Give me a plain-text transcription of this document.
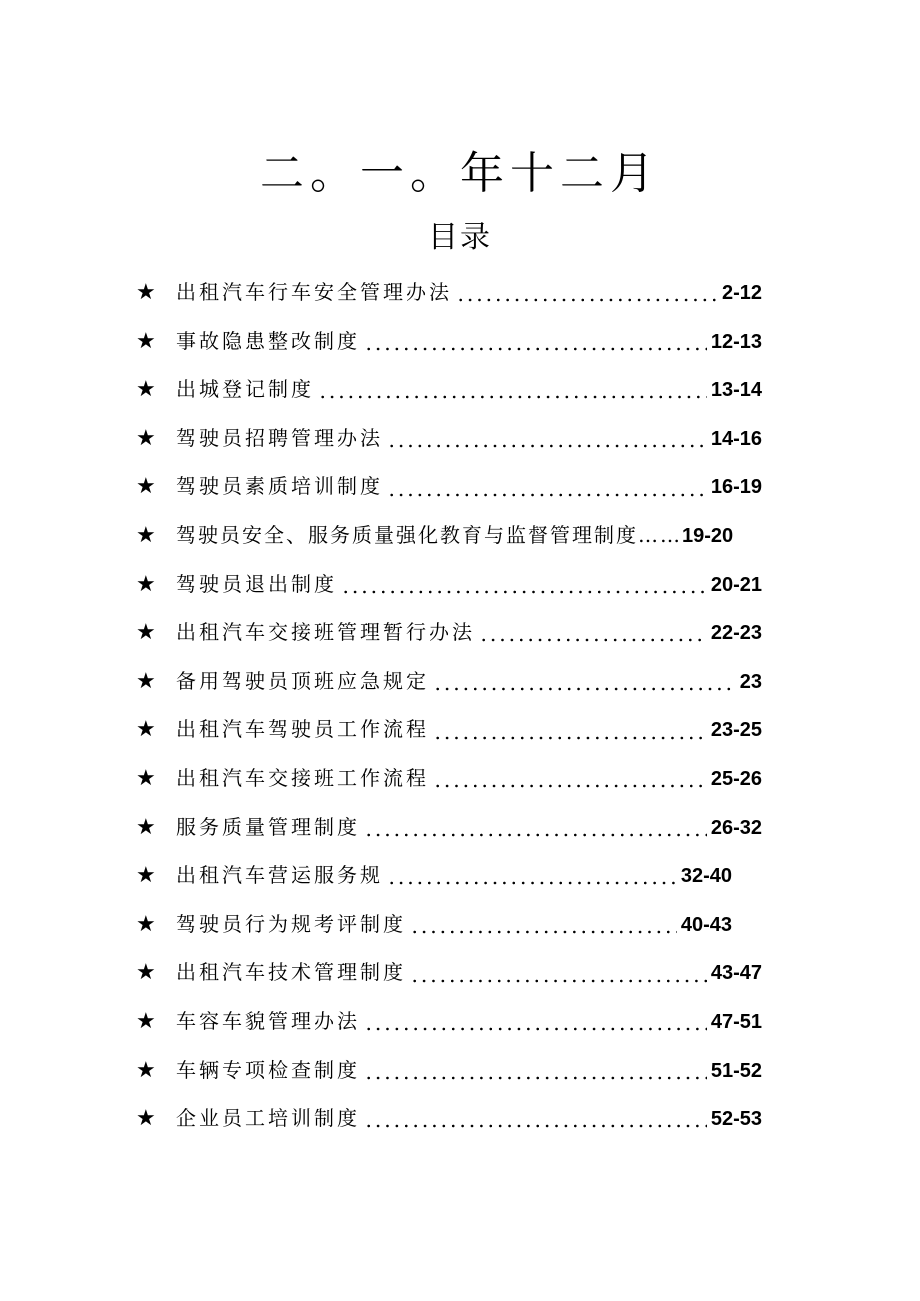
二。一。年十二月
目录
★	出租汽车行车安全管理办法	2-12
★	事故隐患整改制度	12-13
★	出城登记制度	13-14
★	驾驶员招聘管理办法	14-16
★	驾驶员素质培训制度	16-19
★	驾驶员安全、服务质量强化教育与监督管理制度…… 19-20
★	驾驶员退出制度	20-21
★	出租汽车交接班管理暂行办法	22-23
★	备用驾驶员顶班应急规定	23
★	出租汽车驾驶员工作流程	23-25
★	出租汽车交接班工作流程	25-26
★	服务质量管理制度	26-32
★	出租汽车营运服务规	32-40
★	驾驶员行为规考评制度	40-43
★	出租汽车技术管理制度	43-47
★	车容车貌管理办法	47-51
★	车辆专项检查制度	51-52
★	企业员工培训制度	52-53
